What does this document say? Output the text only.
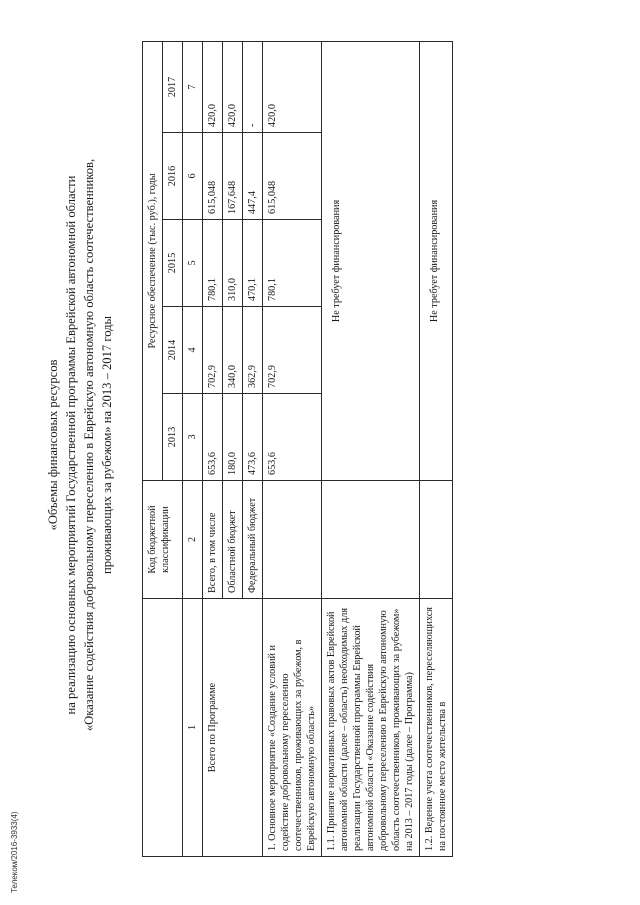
Телеком/2016-3933(4)
«Объемы финансовых ресурсов на реализацию основных мероприятий Государственной программы Еврейской автономной области «Оказание содействия добровольному переселению в Еврейскую автономную область соотечественников, проживающих за рубежом» на 2013 – 2017 годы
		Код бюджетной классификации	Ресурсное обеспечение (тыс. руб.), годы				
		2013	2014	2015	2016	2017
1	2	3	4	5	6	7
Всего по Программе	Всего, в том числе	653,6	702,9	780,1	615,048	420,0
	Областной бюджет	180,0	340,0	310,0	167,648	420,0
	Федеральный бюджет	473,6	362,9	470,1	447,4	-
1. Основное мероприятие «Создание условий и содействие добровольному переселению соотечественников, проживающих за рубежом, в Еврейскую автономную область»		653,6	702,9	780,1	615,048	420,0
1.1. Принятие нормативных правовых актов Еврейской автономной области (далее – область) необходимых для реализации Государственной программы Еврейской автономной области «Оказание содействия добровольному переселению в Еврейскую автономную область соотечественников, проживающих за рубежом» на 2013 – 2017 годы (далее – Программа)		Не требует финансирования				
1.2. Ведение учета соотечественников, переселяющихся на постоянное место жительства в		Не требует финансирования				
